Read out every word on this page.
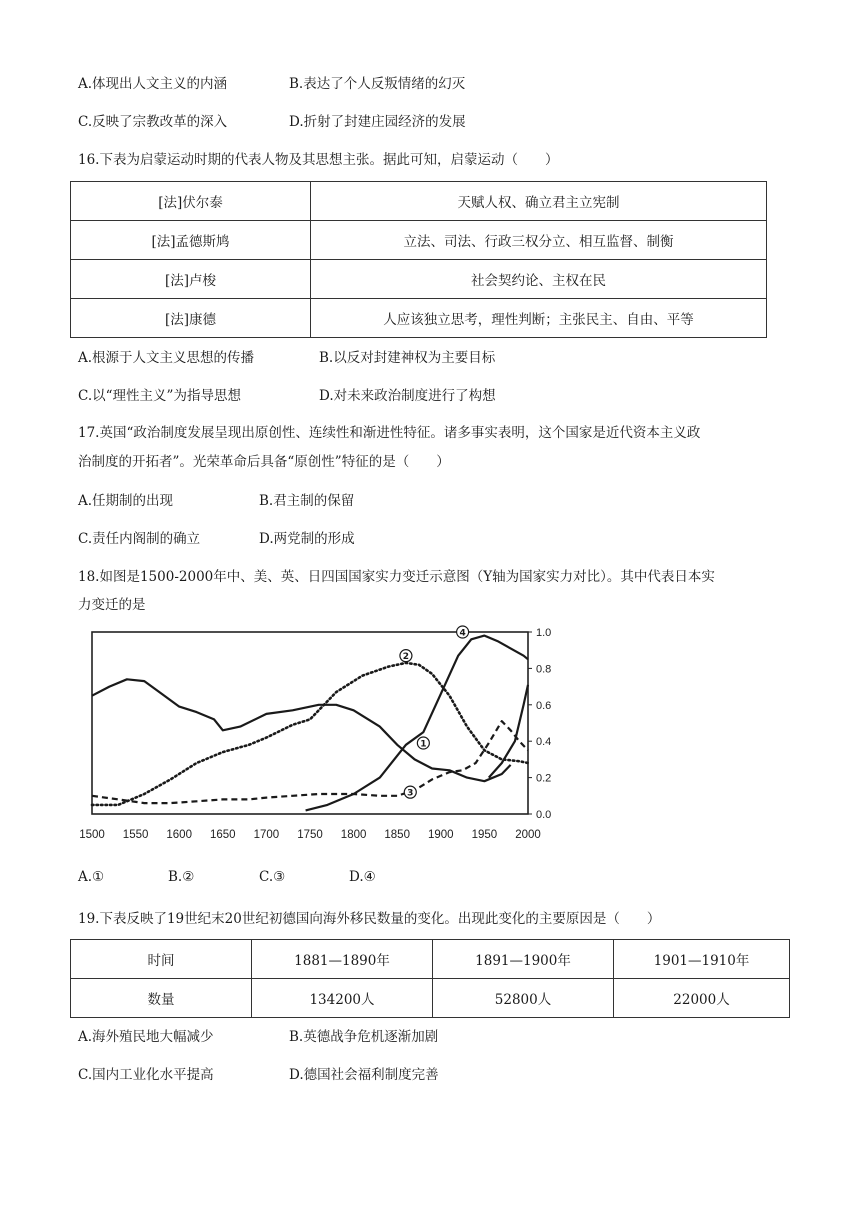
A.体现出人文主义的内涵	B.表达了个人反叛情绪的幻灭
C.反映了宗教改革的深入	D.折射了封建庄园经济的发展
16.下表为启蒙运动时期的代表人物及其思想主张。据此可知，启蒙运动（　　）
[法]伏尔泰	天赋人权、确立君主立宪制
[法]孟德斯鸠	立法、司法、行政三权分立、相互监督、制衡
[法]卢梭	社会契约论、主权在民
[法]康德	人应该独立思考，理性判断；主张民主、自由、平等
A.根源于人文主义思想的传播	B.以反对封建神权为主要目标
C.以“理性主义”为指导思想	D.对未来政治制度进行了构想
17.英国“政治制度发展呈现出原创性、连续性和渐进性特征。诸多事实表明，这个国家是近代资本主义政
治制度的开拓者”。光荣革命后具备“原创性”特征的是（　　）
A.任期制的出现	B.君主制的保留
C.责任内阁制的确立	D.两党制的形成
18.如图是1500-2000年中、美、英、日四国国家实力变迁示意图（Y轴为国家实力对比）。其中代表日本实
力变迁的是
0.0
0.2
0.4
0.6
0.8
1.0
1500 1550 1600 1650 1700 1750 1800 1850 1900 1950 2000
1
2
3
4
A.①	B.②	C.③	D.④
19.下表反映了19世纪末20世纪初德国向海外移民数量的变化。出现此变化的主要原因是（　　）
时间	1881—1890年	1891—1900年	1901—1910年
数量	134200人	52800人	22000人
A.海外殖民地大幅减少	B.英德战争危机逐渐加剧
C.国内工业化水平提高	D.德国社会福利制度完善
